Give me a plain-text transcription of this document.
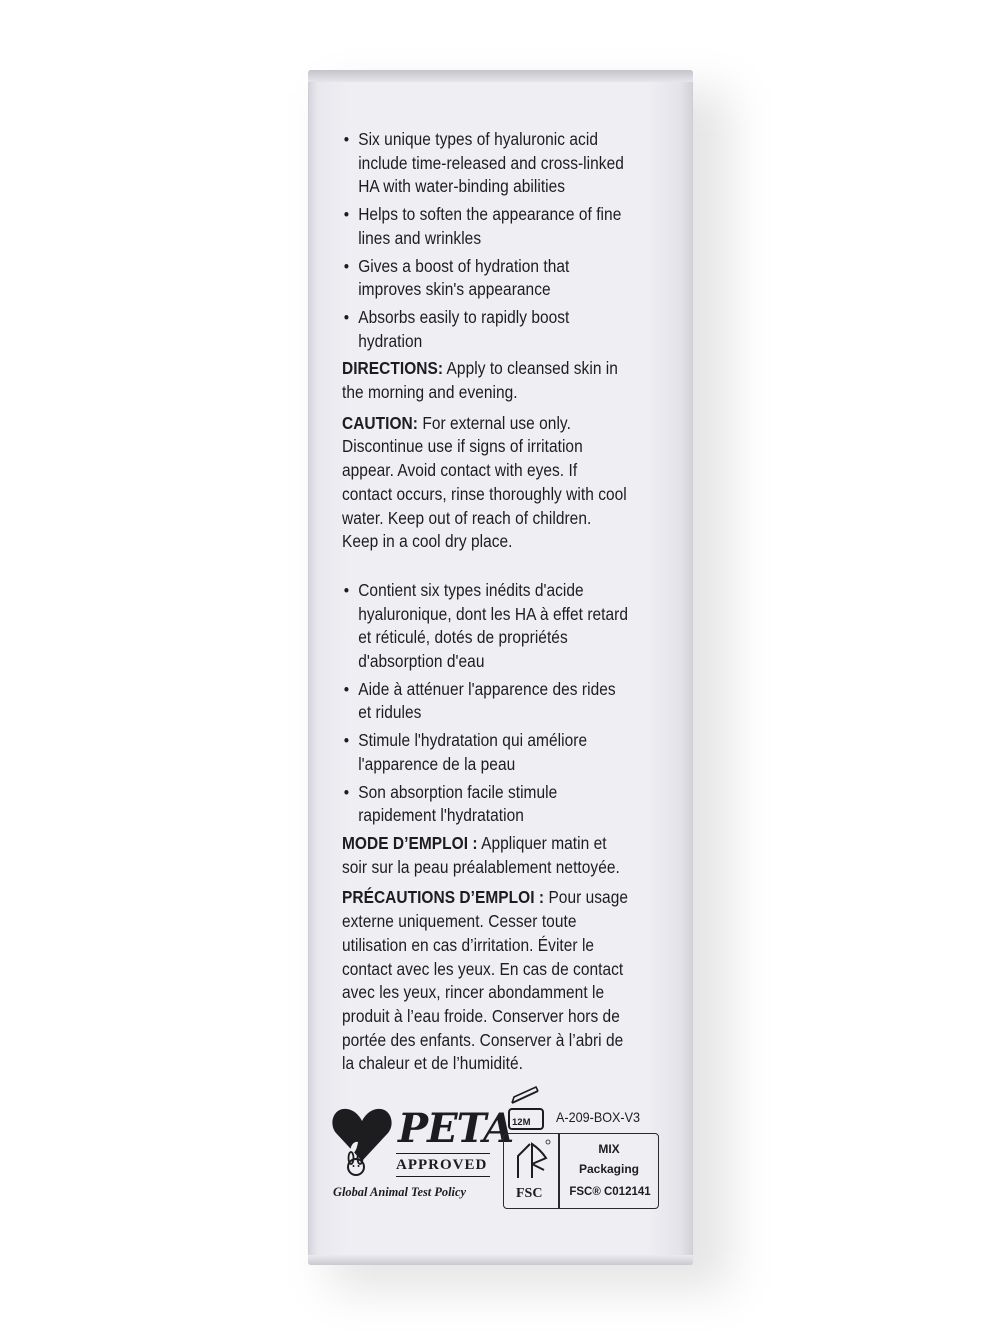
• Six unique types of hyaluronic acid include time-released and cross-linked HA with water-binding abilities
• Helps to soften the appearance of fine lines and wrinkles
• Gives a boost of hydration that improves skin's appearance
• Absorbs easily to rapidly boost hydration

DIRECTIONS: Apply to cleansed skin in the morning and evening.

CAUTION: For external use only. Discontinue use if signs of irritation appear. Avoid contact with eyes. If contact occurs, rinse thoroughly with cool water. Keep out of reach of children. Keep in a cool dry place.

• Contient six types inédits d'acide hyaluronique, dont les HA à effet retard et réticulé, dotés de propriétés d'absorption d'eau
• Aide à atténuer l'apparence des rides et ridules
• Stimule l'hydratation qui améliore l'apparence de la peau
• Son absorption facile stimule rapidement l'hydratation

MODE D’EMPLOI : Appliquer matin et soir sur la peau préalablement nettoyée.

PRÉCAUTIONS D’EMPLOI : Pour usage externe uniquement. Cesser toute utilisation en cas d’irritation. Éviter le contact avec les yeux. En cas de contact avec les yeux, rincer abondamment le produit à l’eau froide. Conserver hors de portée des enfants. Conserver à l’abri de la chaleur et de l’humidité.

PETA
APPROVED
Global Animal Test Policy
12M A-209-BOX-V3
FSC
MIX
Packaging
FSC® C012141
